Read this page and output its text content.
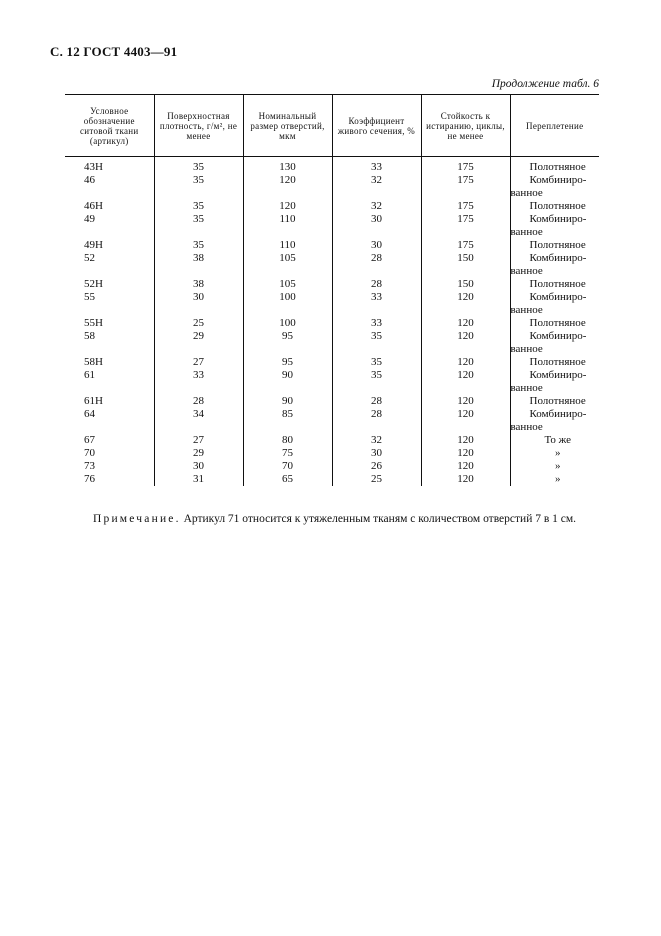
С. 12 ГОСТ 4403—91
Продолжение табл. 6
Условное обозначение ситовой ткани (артикул)	Поверхностная плотность, г/м², не менее	Номинальный размер отверстий, мкм	Коэффициент живого сечения, %	Стойкость к истиранию, циклы, не менее	Переплетение
43Н	35	130	33	175	Полотняное

46	35	120	32	175	Комбиниро-
ванное

46Н	35	120	32	175	Полотняное

49	35	110	30	175	Комбиниро-
ванное

49Н	35	110	30	175	Полотняное

52	38	105	28	150	Комбиниро-
ванное

52Н	38	105	28	150	Полотняное

55	30	100	33	120	Комбиниро-
ванное

55Н	25	100	33	120	Полотняное

58	29	95	35	120	Комбиниро-
ванное

58Н	27	95	35	120	Полотняное

61	33	90	35	120	Комбиниро-
ванное

61Н	28	90	28	120	Полотняное

64	34	85	28	120	Комбиниро-
ванное

67	27	80	32	120	То же

70	29	75	30	120	»

73	30	70	26	120	»

76	31	65	25	120	»
Примечание. Артикул 71 относится к утяжеленным тканям с количеством отверстий 7 в 1 см.
